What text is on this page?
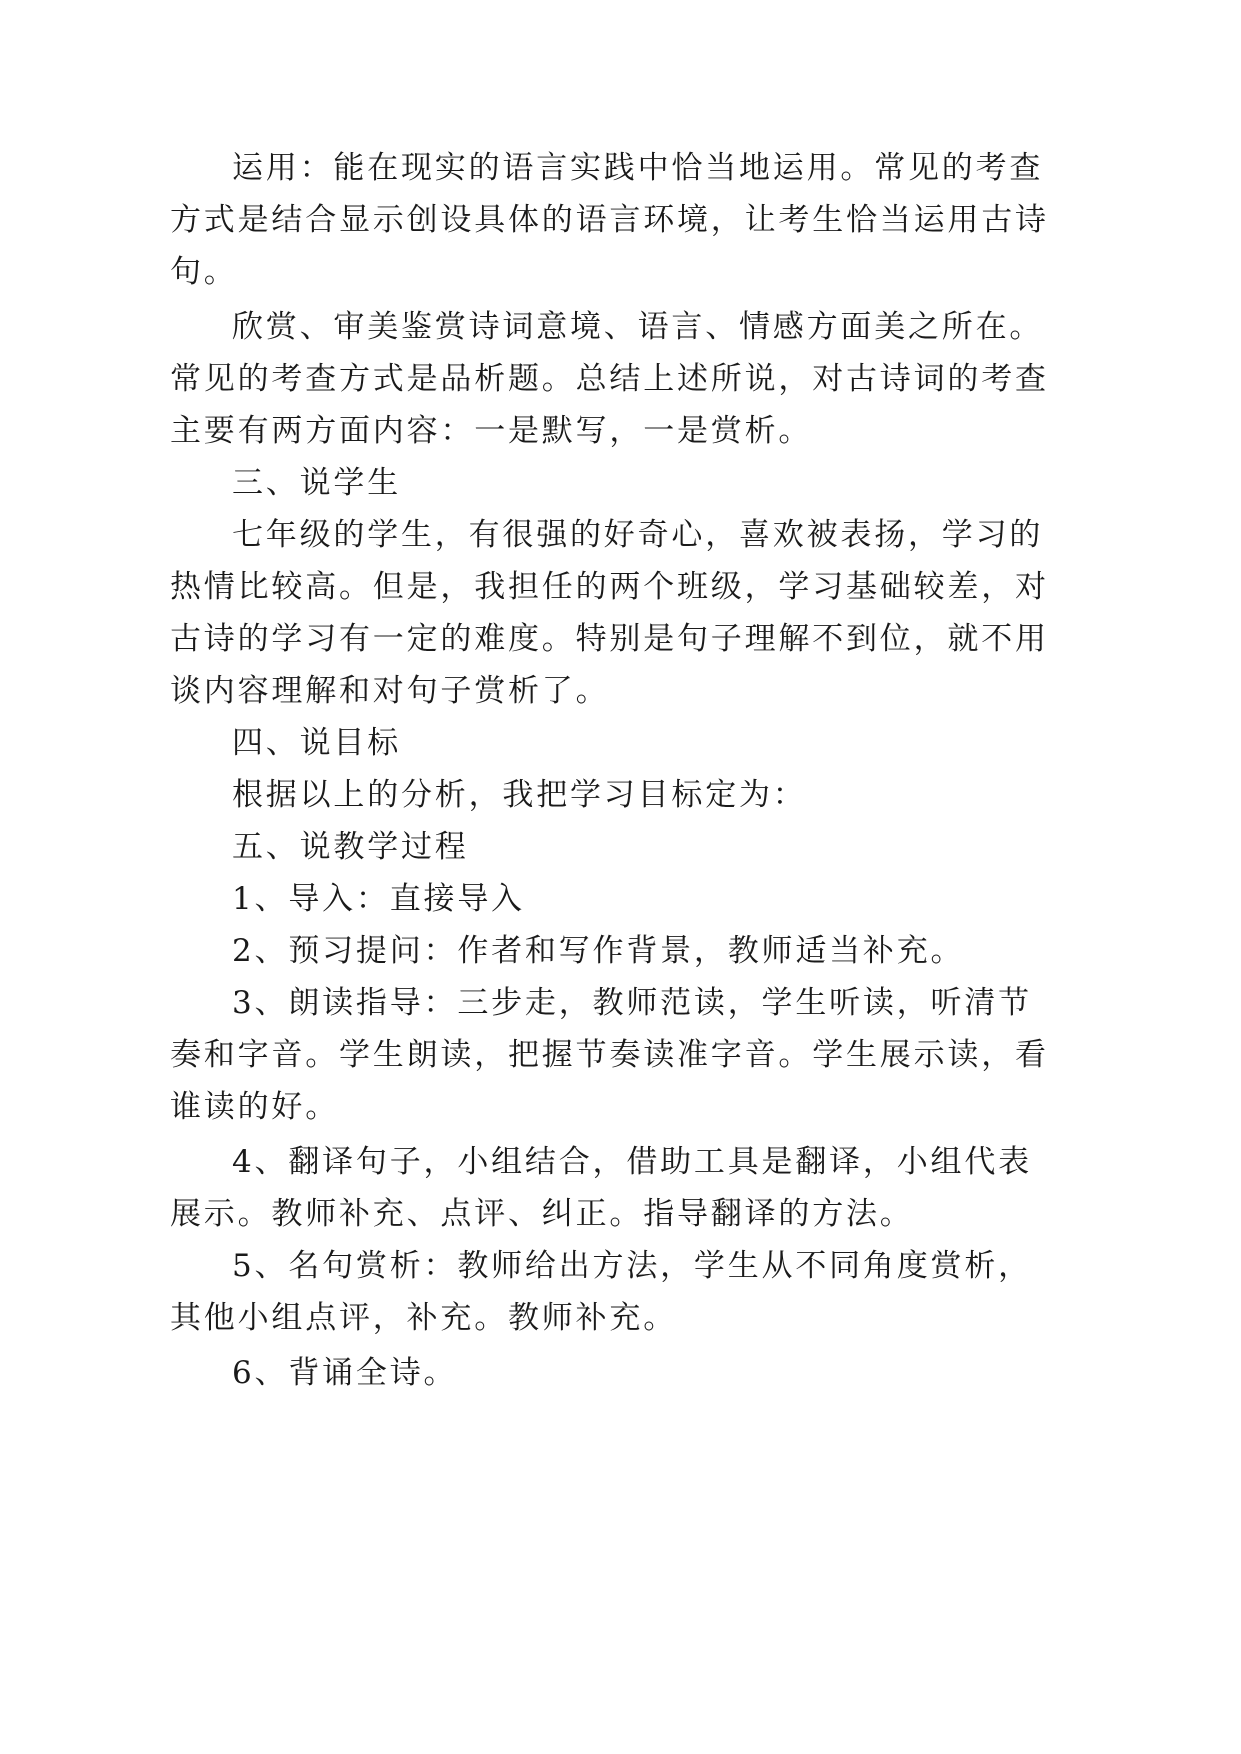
运用：能在现实的语言实践中恰当地运用。常见的考查
方式是结合显示创设具体的语言环境，让考生恰当运用古诗
句。
欣赏、审美鉴赏诗词意境、语言、情感方面美之所在。
常见的考查方式是品析题。总结上述所说，对古诗词的考查
主要有两方面内容：一是默写，一是赏析。
三、说学生
七年级的学生，有很强的好奇心，喜欢被表扬，学习的
热情比较高。但是，我担任的两个班级，学习基础较差，对
古诗的学习有一定的难度。特别是句子理解不到位，就不用
谈内容理解和对句子赏析了。
四、说目标
根据以上的分析，我把学习目标定为：
五、说教学过程
1、导入：直接导入
2、预习提问：作者和写作背景，教师适当补充。
3、朗读指导：三步走，教师范读，学生听读，听清节
奏和字音。学生朗读，把握节奏读准字音。学生展示读，看
谁读的好。
4、翻译句子，小组结合，借助工具是翻译，小组代表
展示。教师补充、点评、纠正。指导翻译的方法。
5、名句赏析：教师给出方法，学生从不同角度赏析，
其他小组点评，补充。教师补充。
6、背诵全诗。
